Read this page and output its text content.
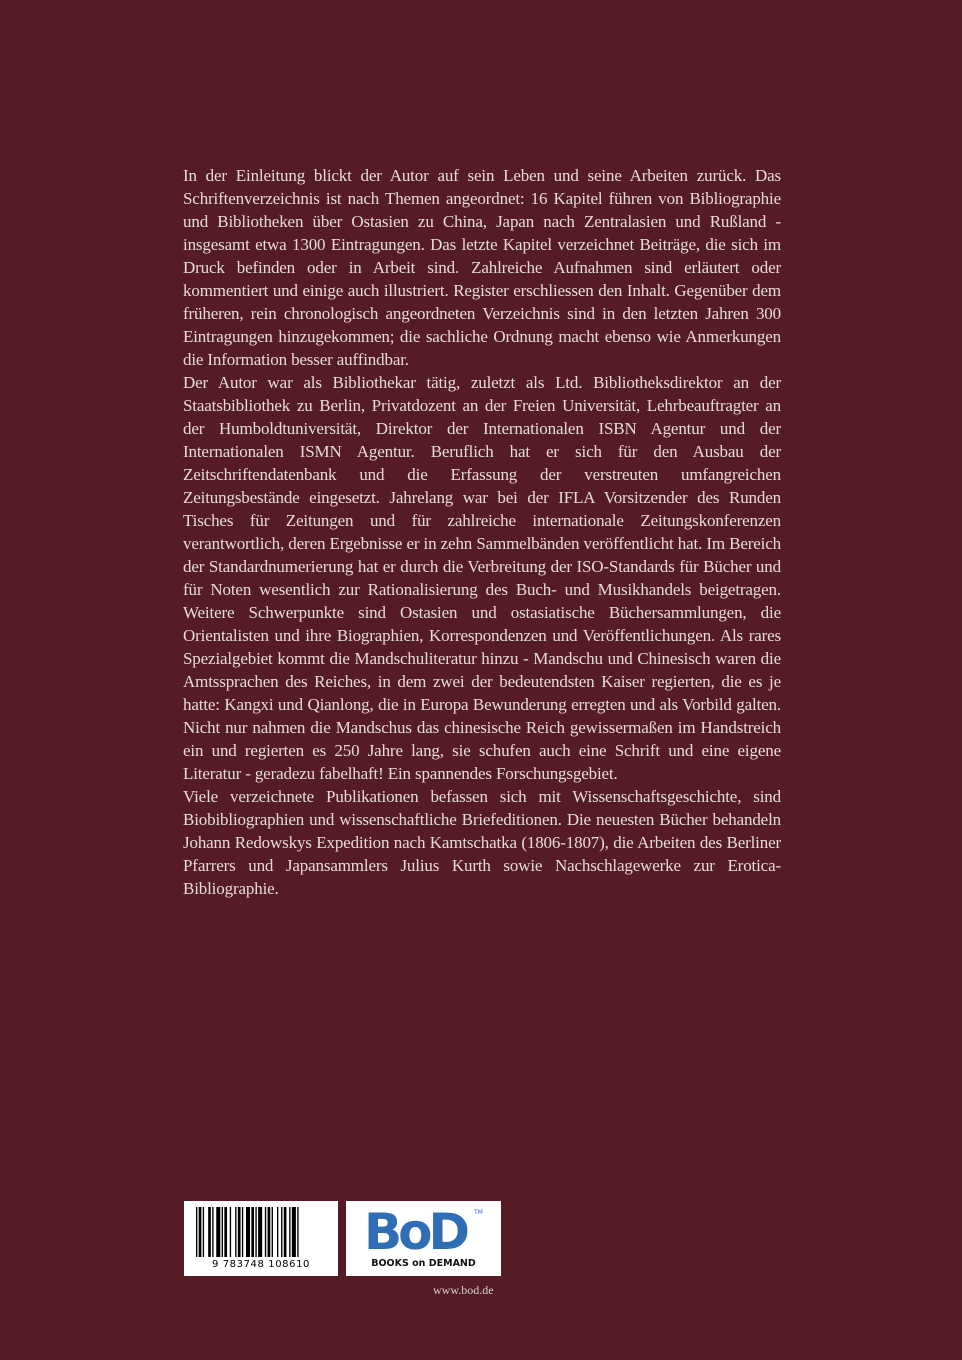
In der Einleitung blickt der Autor auf sein Leben und seine Arbeiten zurück. Das Schriftenverzeichnis ist nach Themen angeordnet: 16 Kapitel führen von Bibliographie und Bibliotheken über Ostasien zu China, Japan nach Zentralasien und Rußland - insgesamt etwa 1300 Eintragungen. Das letzte Kapitel verzeichnet Beiträge, die sich im Druck befinden oder in Arbeit sind. Zahlreiche Aufnahmen sind erläutert oder kommentiert und einige auch illustriert. Register erschliessen den Inhalt. Gegenüber dem früheren, rein chronologisch angeordneten Verzeichnis sind in den letzten Jahren 300 Eintragungen hinzugekommen; die sachliche Ordnung macht ebenso wie Anmerkungen die Information besser auffindbar.

Der Autor war als Bibliothekar tätig, zuletzt als Ltd. Bibliotheksdirektor an der Staatsbibliothek zu Berlin, Privatdozent an der Freien Universität, Lehrbeauftragter an der Humboldtuniversität, Direktor der Internationalen ISBN Agentur und der Internationalen ISMN Agentur. Beruflich hat er sich für den Ausbau der Zeitschriftendatenbank und die Erfassung der verstreuten umfangreichen Zeitungsbestände eingesetzt. Jahrelang war bei der IFLA Vorsitzender des Runden Tisches für Zeitungen und für zahlreiche internationale Zeitungskonferenzen verantwortlich, deren Ergebnisse er in zehn Sammelbänden veröffentlicht hat. Im Bereich der Standardnumerierung hat er durch die Verbreitung der ISO-Standards für Bücher und für Noten wesentlich zur Rationalisierung des Buch- und Musikhandels beigetragen. Weitere Schwerpunkte sind Ostasien und ostasiatische Büchersammlungen, die Orientalisten und ihre Biographien, Korrespondenzen und Veröffentlichungen. Als rares Spezialgebiet kommt die Mandschuliteratur hinzu - Mandschu und Chinesisch waren die Amtssprachen des Reiches, in dem zwei der bedeutendsten Kaiser regierten, die es je hatte: Kangxi und Qianlong, die in Europa Bewunderung erregten und als Vorbild galten. Nicht nur nahmen die Mandschus das chinesische Reich gewissermaßen im Handstreich ein und regierten es 250 Jahre lang, sie schufen auch eine Schrift und eine eigene Literatur - geradezu fabelhaft! Ein spannendes Forschungsgebiet.

Viele verzeichnete Publikationen befassen sich mit Wissenschaftsgeschichte, sind Biobibliographien und wissenschaftliche Briefeditionen. Die neuesten Bücher behandeln Johann Redowskys Expedition nach Kamtschatka (1806-1807), die Arbeiten des Berliner Pfarrers und Japansammlers Julius Kurth sowie Nachschlagewerke zur Erotica-Bibliographie.

9 783748 108610
BoD TM
BOOKS on DEMAND
www.bod.de
